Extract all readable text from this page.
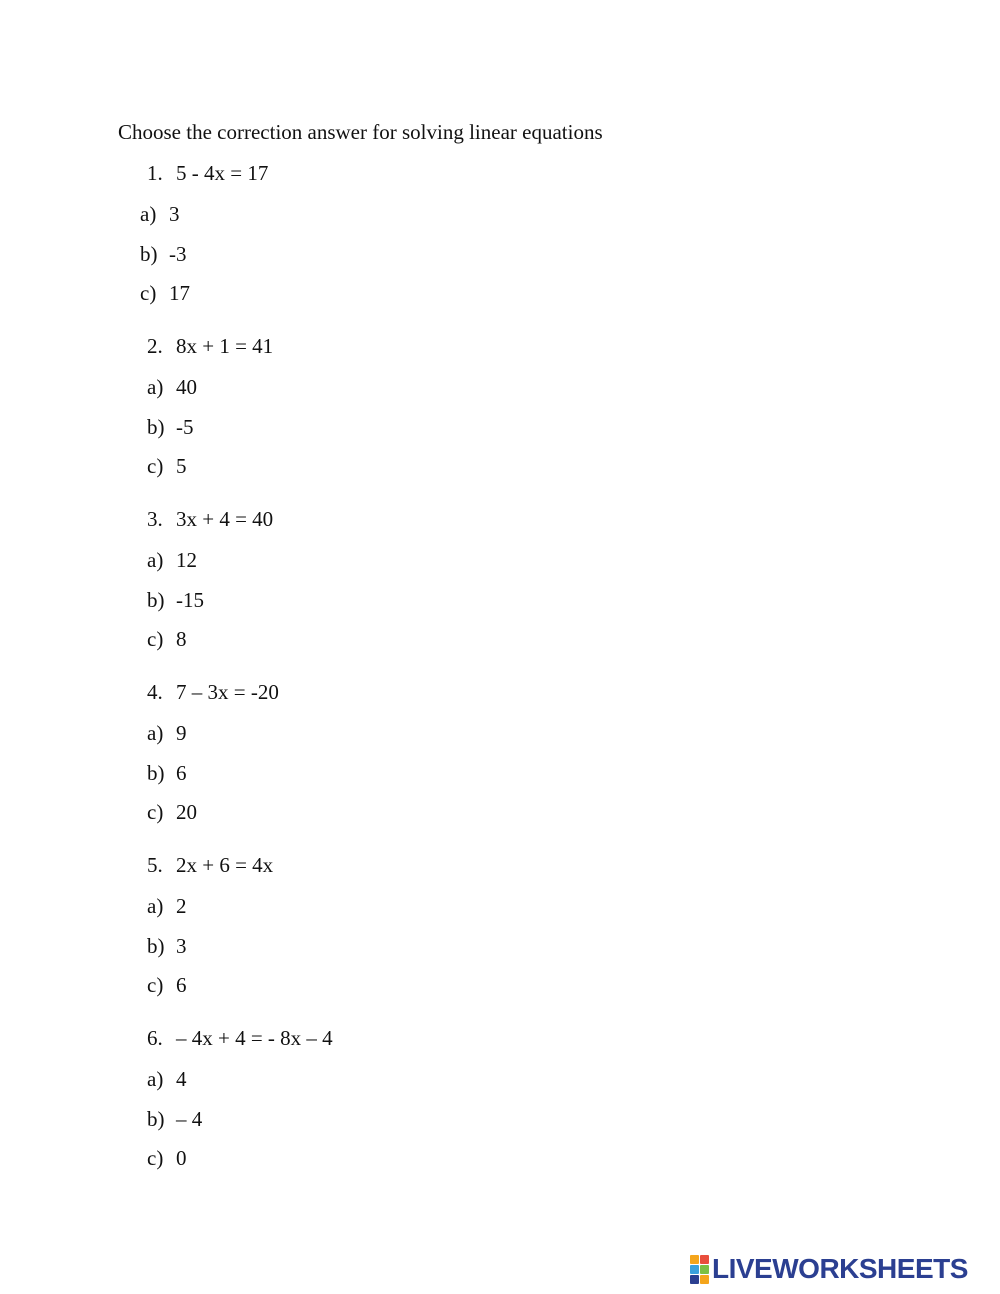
Choose the correction answer for solving linear equations
1. 5 - 4x = 17
a) 3
b) -3
c) 17
2. 8x + 1 = 41
a) 40
b) -5
c) 5
3. 3x + 4 = 40
a) 12
b) -15
c) 8
4. 7 – 3x = -20
a) 9
b) 6
c) 20
5. 2x + 6 = 4x
a) 2
b) 3
c) 6
6. – 4x + 4 = - 8x – 4
a) 4
b) – 4
c) 0
LIVEWORKSHEETS
